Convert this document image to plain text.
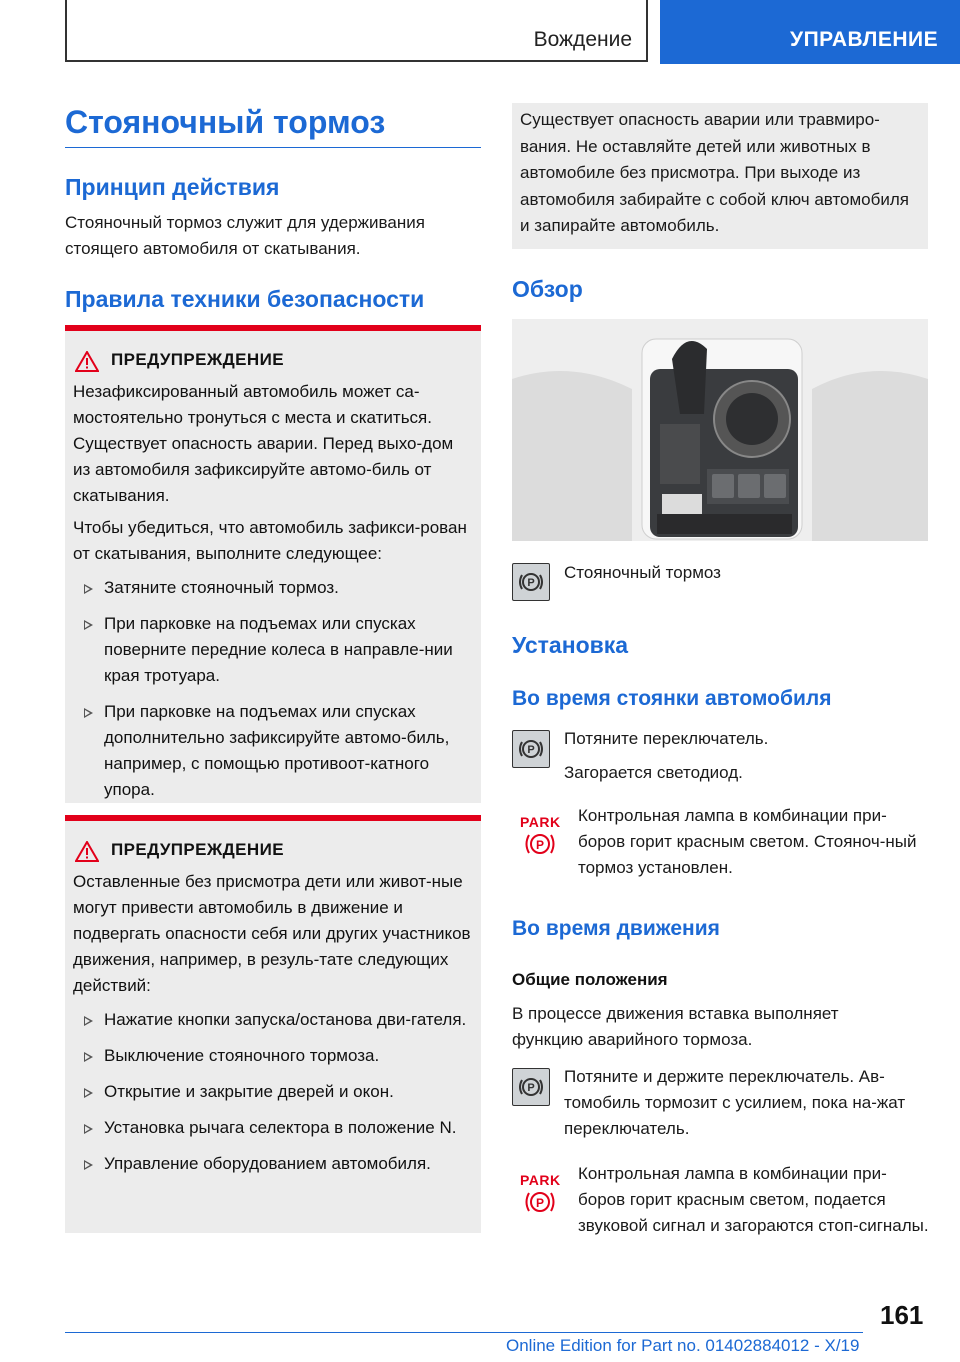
Вождение	УПРАВЛЕНИЕ
Стояночный тормоз
Принцип действия

Стояночный тормоз служит для удерживания стоящего автомобиля от скатывания.

Правила техники безопасности
ПРЕДУПРЕЖДЕНИЕ

Незафиксированный автомобиль может са-мостоятельно тронуться с места и скатиться. Существует опасность аварии. Перед выхо-дом из автомобиля зафиксируйте автомо-биль от скатывания.

Чтобы убедиться, что автомобиль зафикси-рован от скатывания, выполните следующее:

Затяните стояночный тормоз.
При парковке на подъемах или спусках поверните передние колеса в направле-нии края тротуара.
При парковке на подъемах или спусках дополнительно зафиксируйте автомо-биль, например, с помощью противоот-катного упора.
ПРЕДУПРЕЖДЕНИЕ

Оставленные без присмотра дети или живот-ные могут привести автомобиль в движение и подвергать опасности себя или других участников движения, например, в резуль-тате следующих действий:

Нажатие кнопки запуска/останова дви-гателя.
Выключение стояночного тормоза.
Открытие и закрытие дверей и окон.
Установка рычага селектора в положение N.
Управление оборудованием автомобиля.

Существует опасность аварии или травмиро-вания. Не оставляйте детей или животных в автомобиле без присмотра. При выходе из автомобиля забирайте с собой ключ автомобиля и запирайте автомобиль.

Обзор
P

Стояночный тормоз

Установка
Во время стоянки автомобиля
P

Потяните переключатель.

Загорается светодиод.

PARK
P

Контрольная лампа в комбинации при-боров горит красным светом. Стояноч-ный тормоз установлен.

Во время движения
Общие положения

В процессе движения вставка выполняет функцию аварийного тормоза.

P

Потяните и держите переключатель. Ав-томобиль тормозит с усилием, пока на-жат переключатель.

PARK
P

Контрольная лампа в комбинации при-боров горит красным светом, подается звуковой сигнал и загораются стоп-сигналы.

161
Online Edition for Part no. 01402884012 - X/19
